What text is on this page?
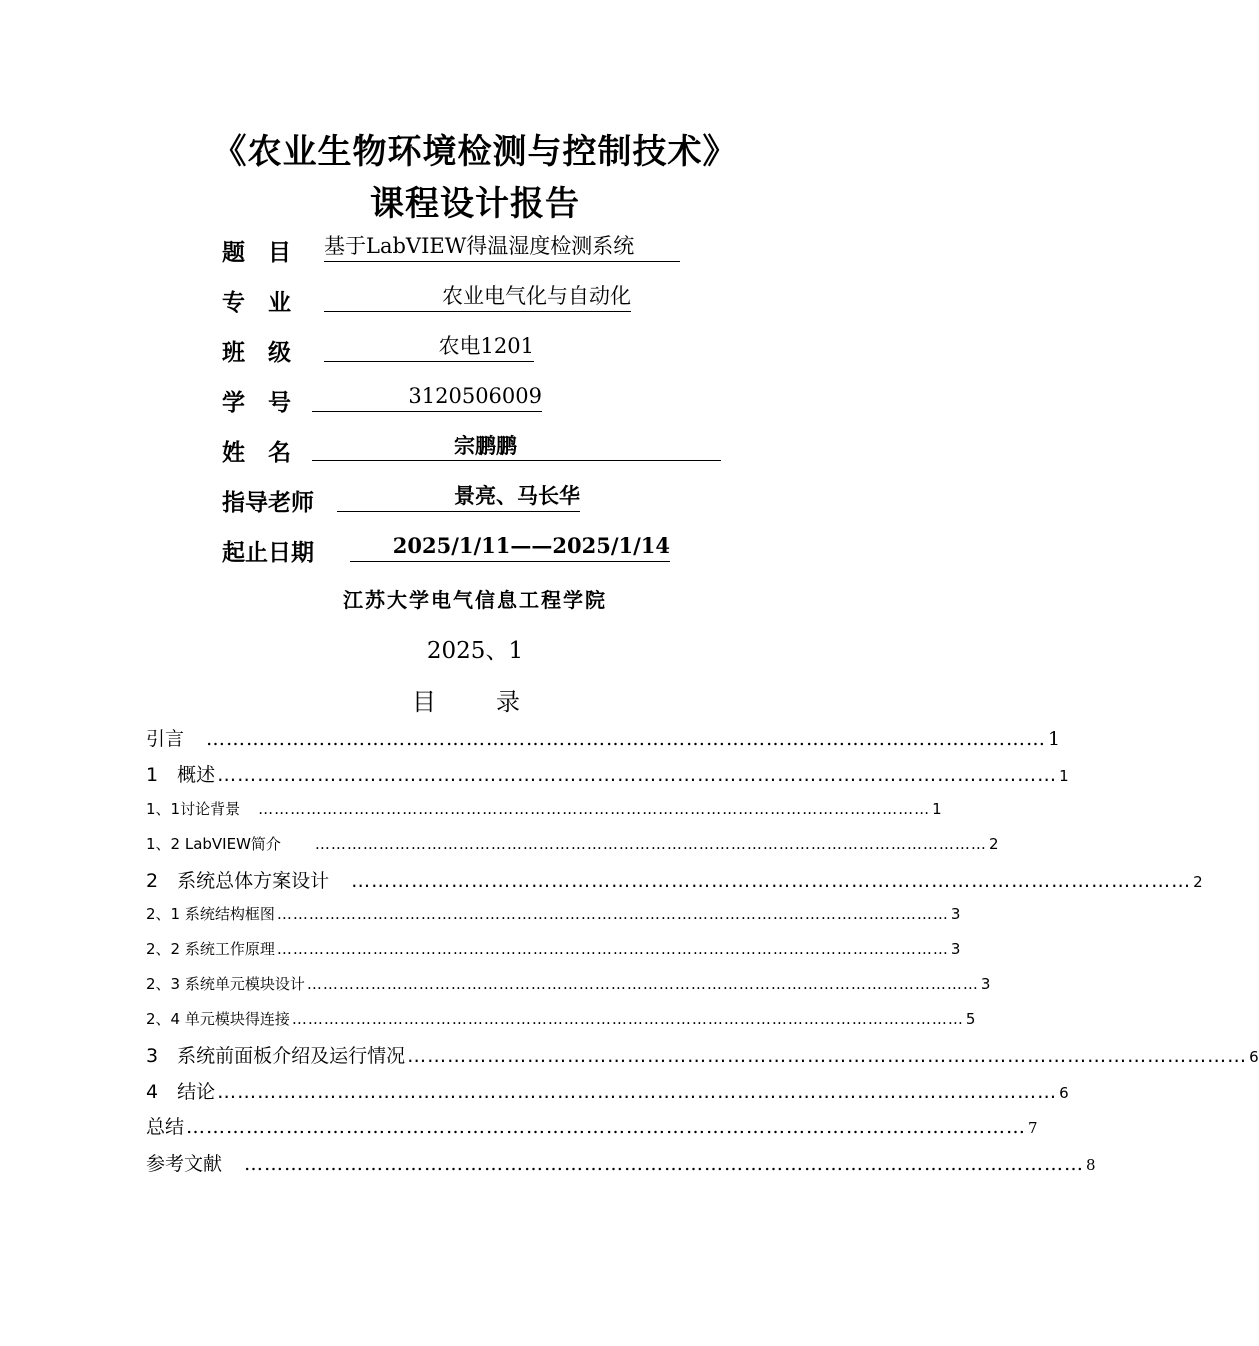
《农业生物环境检测与控制技术》
课程设计报告
题　目 基于LabVIEW得温湿度检测系统
专　业	农业电气化与自动化
班　级	农电1201
学　号	3120506009
姓　名	宗鹏鹏
指导老师	景亮、马长华
起止日期	2025/1/11——2025/1/14
江苏大学电气信息工程学院
2025、1
目　录
引言 　……………………………………………………………………………………………………………… 1
1　概述 ……………………………………………………………………………………………………………… 1
1、1讨论背景 　……………………………………………………………………………………………………………… 1
1、2 LabVIEW简介 　　……………………………………………………………………………………………………………… 2
2　系统总体方案设计 　……………………………………………………………………………………………………………… 2
2、1 系统结构框图 ……………………………………………………………………………………………………………… 3
2、2 系统工作原理 ……………………………………………………………………………………………………………… 3
2、3 系统单元模块设计 ……………………………………………………………………………………………………………… 3
2、4 单元模块得连接 ……………………………………………………………………………………………………………… 5
3　系统前面板介绍及运行情况 ……………………………………………………………………………………………………………… 6
4　结论 ……………………………………………………………………………………………………………… 6
总结 ……………………………………………………………………………………………………………… 7
参考文献 　……………………………………………………………………………………………………………… 8
